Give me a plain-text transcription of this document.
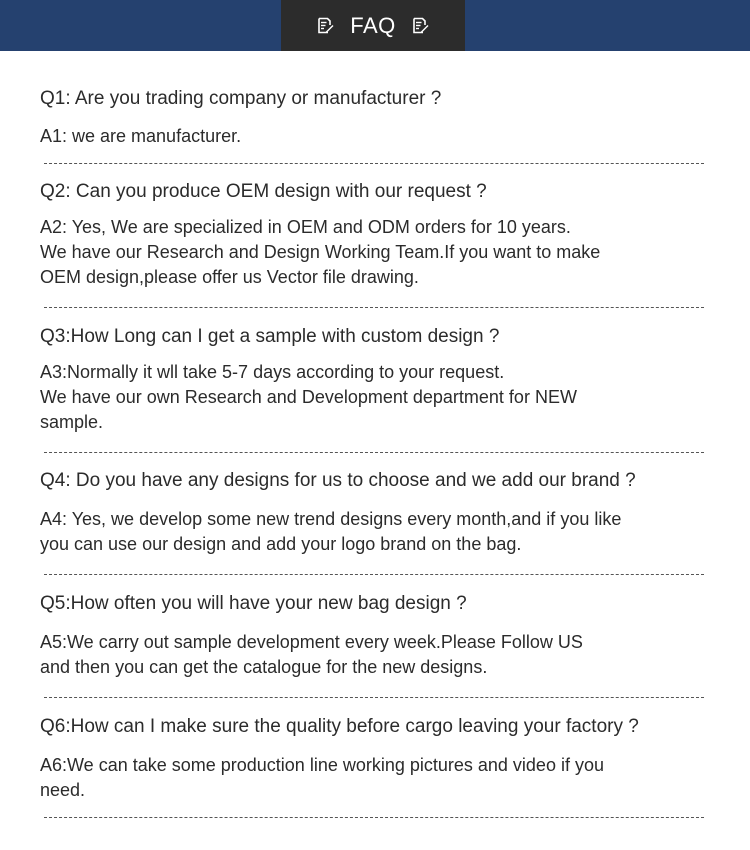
FAQ

Q1: Are you trading company or manufacturer ?

A1: we are manufacturer.

Q2: Can you produce OEM design with our request ?

A2: Yes, We are specialized in OEM and ODM orders for 10 years.

We have our Research and Design Working Team.If you want to make

OEM design,please offer us Vector file drawing.

Q3:How Long can I get a sample with custom design ?

A3:Normally it wll take 5-7 days according to your request.

We have our own Research and Development department for NEW

sample.

Q4: Do you have any designs for us to choose and we add our brand ?

A4: Yes, we develop some new trend designs every month,and if you like

you can use our design and add your logo brand on the bag.

Q5:How often you will have your new bag design ?

A5:We carry out sample development every week.Please Follow US

and then you can get the catalogue for the new designs.

Q6:How can I make sure the quality before cargo leaving your factory ?

A6:We can take some production line working pictures and video if you

need.
